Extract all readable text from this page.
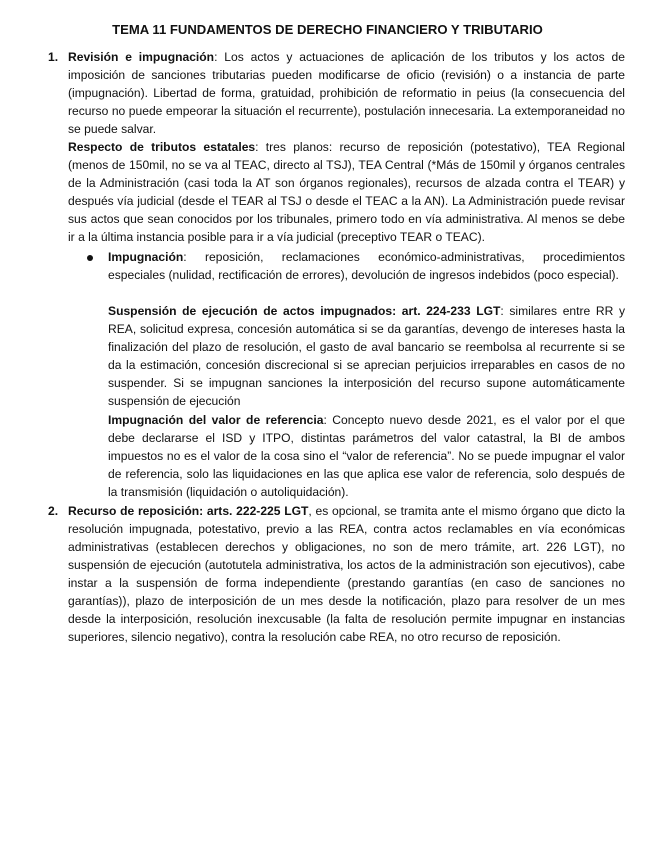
TEMA 11 FUNDAMENTOS DE DERECHO FINANCIERO Y TRIBUTARIO
1. Revisión e impugnación: Los actos y actuaciones de aplicación de los tributos y los actos de imposición de sanciones tributarias pueden modificarse de oficio (revisión) o a instancia de parte (impugnación). Libertad de forma, gratuidad, prohibición de reformatio in peius (la consecuencia del recurso no puede empeorar la situación el recurrente), postulación innecesaria. La extemporaneidad no se puede salvar.

Respecto de tributos estatales: tres planos: recurso de reposición (potestativo), TEA Regional (menos de 150mil, no se va al TEAC, directo al TSJ), TEA Central (*Más de 150mil y órganos centrales de la Administración (casi toda la AT son órganos regionales), recursos de alzada contra el TEAR) y después vía judicial (desde el TEAR al TSJ o desde el TEAC a la AN). La Administración puede revisar sus actos que sean conocidos por los tribunales, primero todo en vía administrativa. Al menos se debe ir a la última instancia posible para ir a vía judicial (preceptivo TEAR o TEAC).

Impugnación: reposición, reclamaciones económico-administrativas, procedimientos especiales (nulidad, rectificación de errores), devolución de ingresos indebidos (poco especial).

Suspensión de ejecución de actos impugnados: art. 224-233 LGT: similares entre RR y REA, solicitud expresa, concesión automática si se da garantías, devengo de intereses hasta la finalización del plazo de resolución, el gasto de aval bancario se reembolsa al recurrente si se da la estimación, concesión discrecional si se aprecian perjuicios irreparables en casos de no suspender. Si se impugnan sanciones la interposición del recurso supone automáticamente suspensión de ejecución

Impugnación del valor de referencia: Concepto nuevo desde 2021, es el valor por el que debe declararse el ISD y ITPO, distintas parámetros del valor catastral, la BI de ambos impuestos no es el valor de la cosa sino el “valor de referencia”. No se puede impugnar el valor de referencia, solo las liquidaciones en las que aplica ese valor de referencia, solo después de la transmisión (liquidación o autoliquidación).

2. Recurso de reposición: arts. 222-225 LGT, es opcional, se tramita ante el mismo órgano que dicto la resolución impugnada, potestativo, previo a las REA, contra actos reclamables en vía económicas administrativas (establecen derechos y obligaciones, no son de mero trámite, art. 226 LGT), no suspensión de ejecución (autotutela administrativa, los actos de la administración son ejecutivos), cabe instar a la suspensión de forma independiente (prestando garantías (en caso de sanciones no garantías)), plazo de interposición de un mes desde la notificación, plazo para resolver de un mes desde la interposición, resolución inexcusable (la falta de resolución permite impugnar en instancias superiores, silencio negativo), contra la resolución cabe REA, no otro recurso de reposición.
